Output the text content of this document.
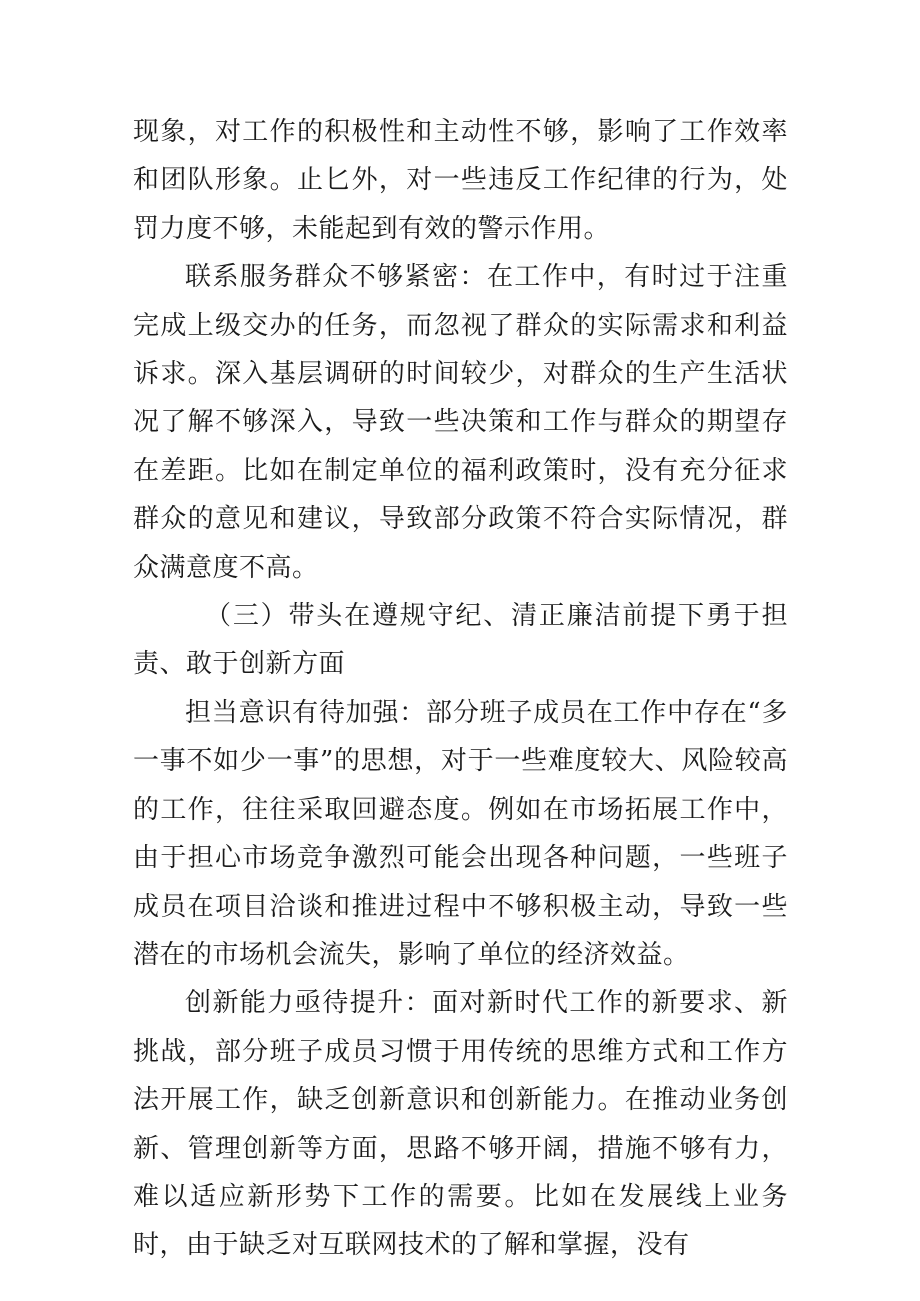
现象，对工作的积极性和主动性不够，影响了工作效率和团队形象。止匕外，对一些违反工作纪律的行为，处罚力度不够，未能起到有效的警示作用。

联系服务群众不够紧密：在工作中，有时过于注重完成上级交办的任务，而忽视了群众的实际需求和利益诉求。深入基层调研的时间较少，对群众的生产生活状况了解不够深入，导致一些决策和工作与群众的期望存在差距。比如在制定单位的福利政策时，没有充分征求群众的意见和建议，导致部分政策不符合实际情况，群众满意度不高。

（三）带头在遵规守纪、清正廉洁前提下勇于担责、敢于创新方面

担当意识有待加强：部分班子成员在工作中存在“多一事不如少一事”的思想，对于一些难度较大、风险较高的工作，往往采取回避态度。例如在市场拓展工作中，由于担心市场竞争激烈可能会出现各种问题，一些班子成员在项目洽谈和推进过程中不够积极主动，导致一些潜在的市场机会流失，影响了单位的经济效益。

创新能力亟待提升：面对新时代工作的新要求、新挑战，部分班子成员习惯于用传统的思维方式和工作方法开展工作，缺乏创新意识和创新能力。在推动业务创新、管理创新等方面，思路不够开阔，措施不够有力，难以适应新形势下工作的需要。比如在发展线上业务时，由于缺乏对互联网技术的了解和掌握，没有
